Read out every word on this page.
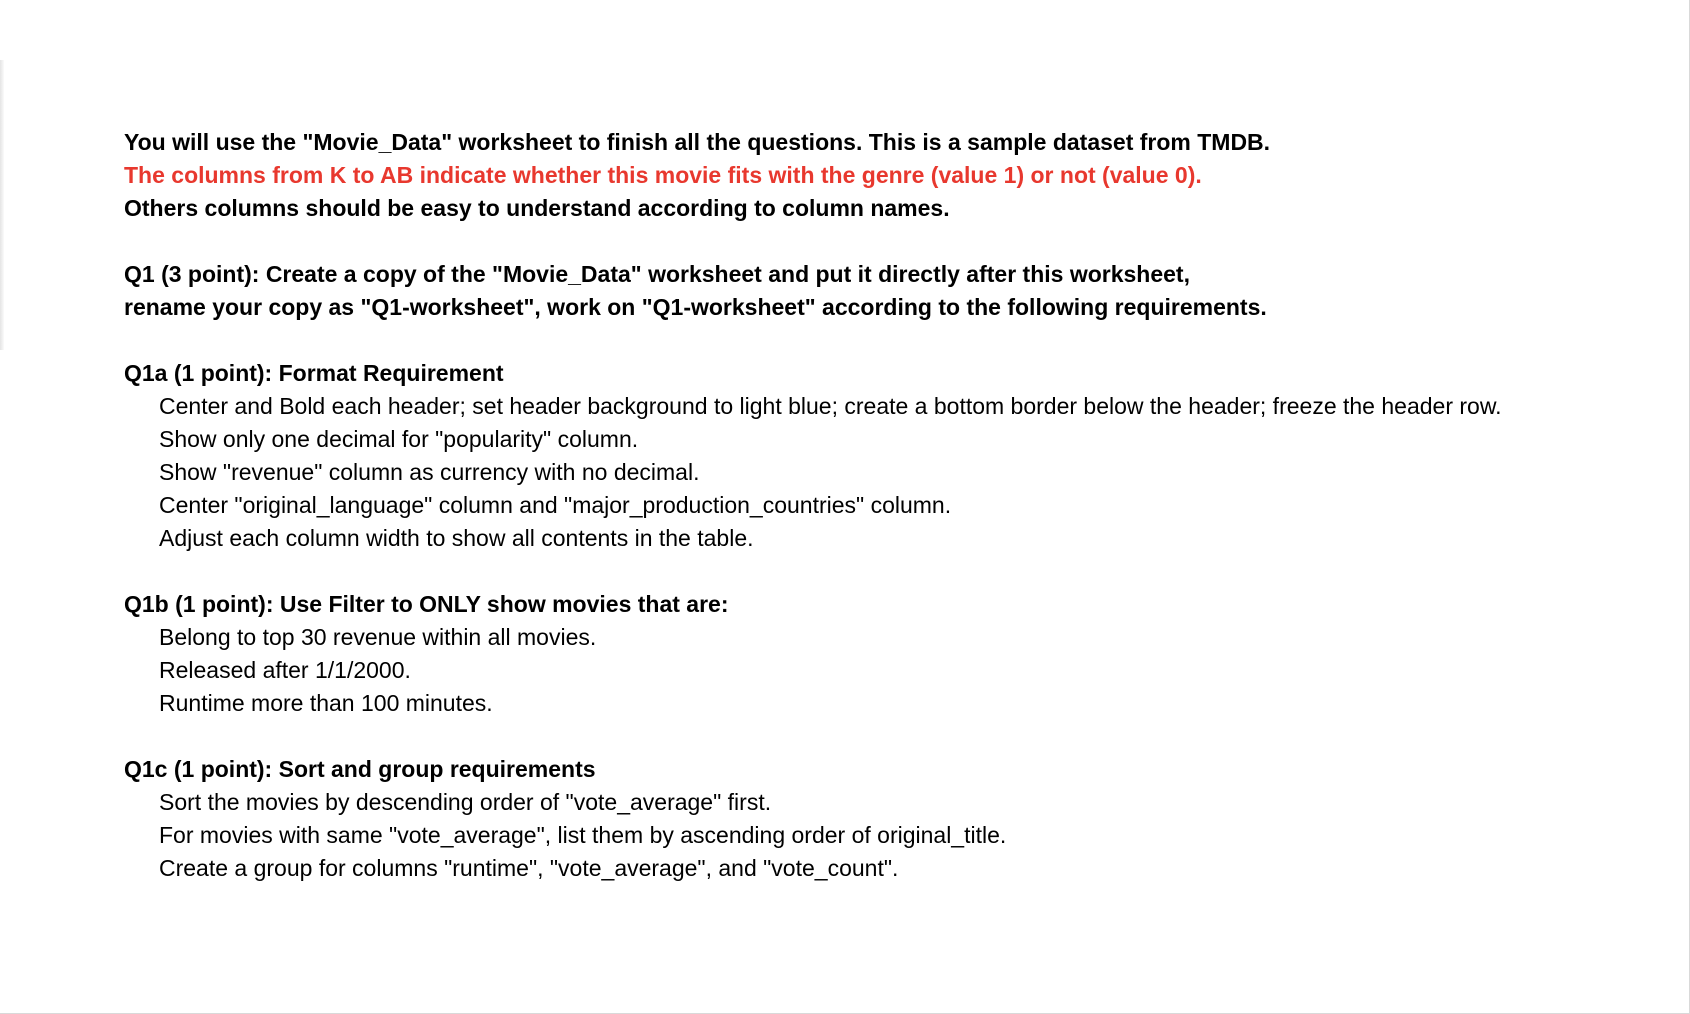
You will use the "Movie_Data" worksheet to finish all the questions. This is a sample dataset from TMDB.
The columns from K to AB indicate whether this movie fits with the genre (value 1) or not (value 0).
Others columns should be easy to understand according to column names.
Q1 (3 point): Create a copy of the "Movie_Data" worksheet and put it directly after this worksheet,
rename your copy as "Q1-worksheet", work on "Q1-worksheet" according to the following requirements.
Q1a (1 point): Format Requirement
Center and Bold each header; set header background to light blue; create a bottom border below the header; freeze the header row.
Show only one decimal for "popularity" column.
Show "revenue" column as currency with no decimal.
Center "original_language" column and "major_production_countries" column.
Adjust each column width to show all contents in the table.
Q1b (1 point): Use Filter to ONLY show movies that are:
Belong to top 30 revenue within all movies.
Released after 1/1/2000.
Runtime more than 100 minutes.
Q1c (1 point): Sort and group requirements
Sort the movies by descending order of "vote_average" first.
For movies with same "vote_average", list them by ascending order of original_title.
Create a group for columns "runtime", "vote_average", and "vote_count".
